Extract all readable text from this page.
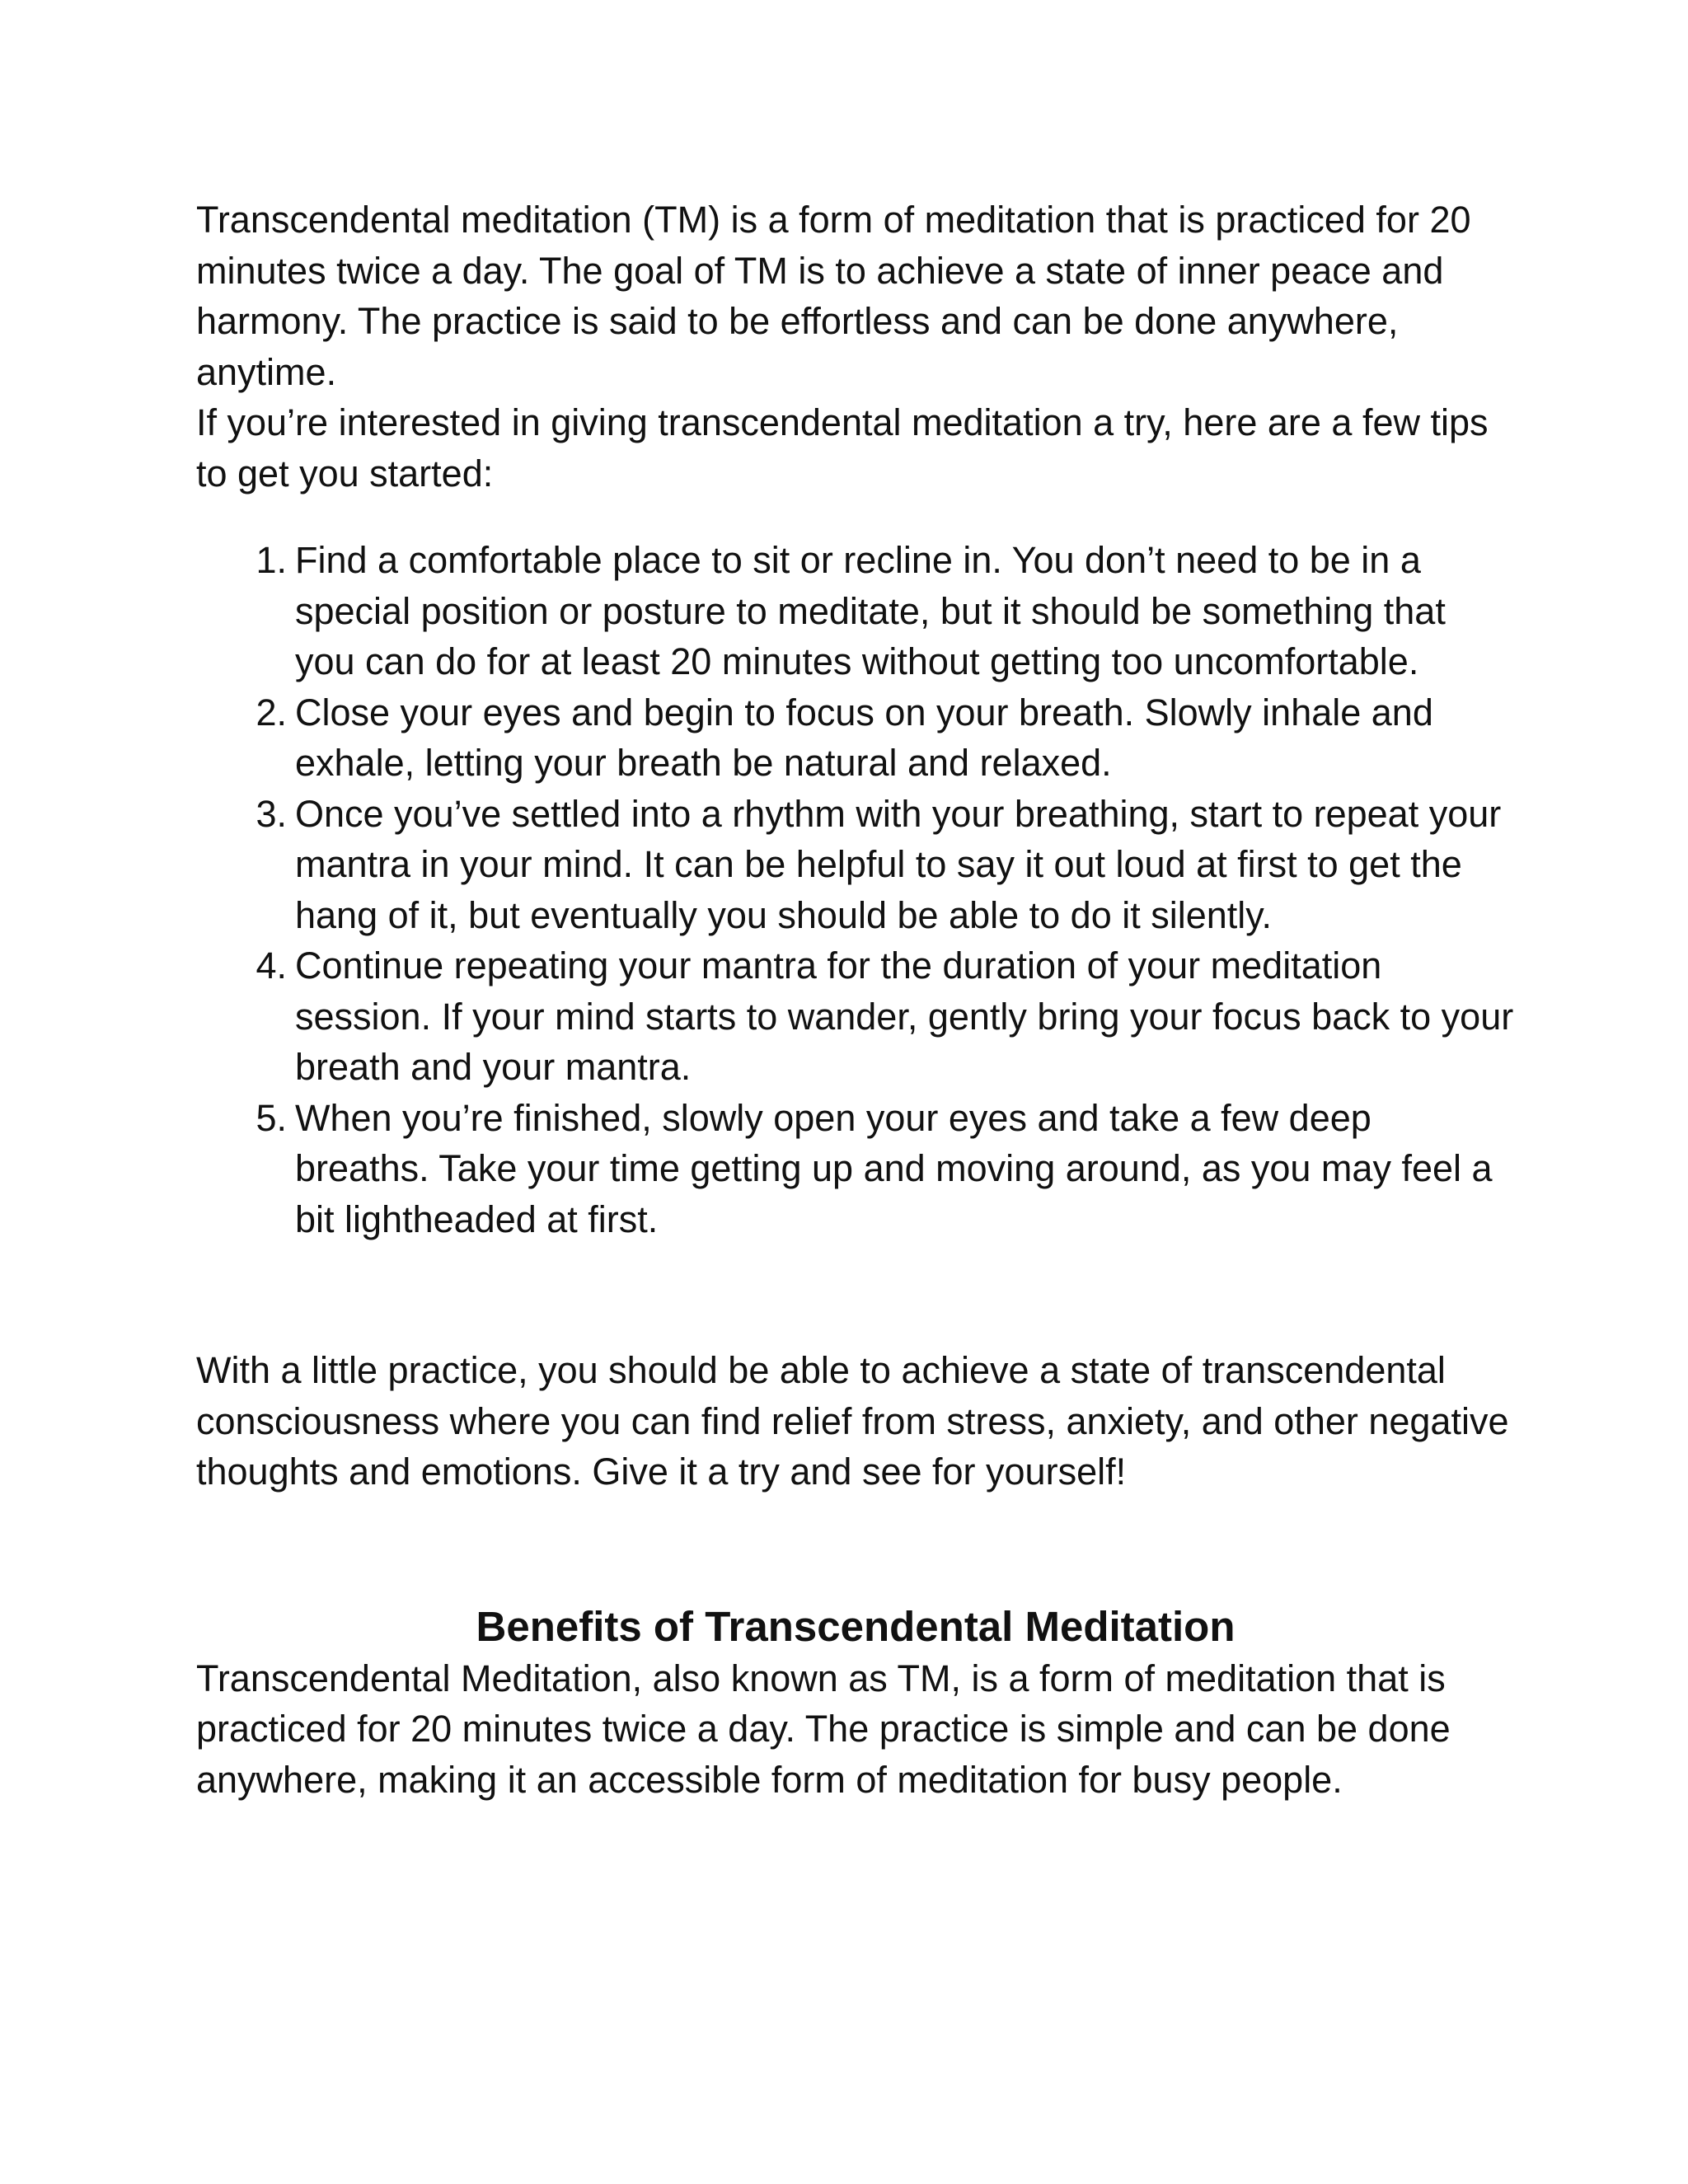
Transcendental meditation (TM) is a form of meditation that is practiced for 20 minutes twice a day. The goal of TM is to achieve a state of inner peace and harmony. The practice is said to be effortless and can be done anywhere, anytime.

If you’re interested in giving transcendental meditation a try, here are a few tips to get you started:

1. Find a comfortable place to sit or recline in. You don’t need to be in a special position or posture to meditate, but it should be something that you can do for at least 20 minutes without getting too uncomfortable.
2. Close your eyes and begin to focus on your breath. Slowly inhale and exhale, letting your breath be natural and relaxed.
3. Once you’ve settled into a rhythm with your breathing, start to repeat your mantra in your mind. It can be helpful to say it out loud at first to get the hang of it, but eventually you should be able to do it silently.
4. Continue repeating your mantra for the duration of your meditation session. If your mind starts to wander, gently bring your focus back to your breath and your mantra.
5. When you’re finished, slowly open your eyes and take a few deep breaths. Take your time getting up and moving around, as you may feel a bit lightheaded at first.

With a little practice, you should be able to achieve a state of transcendental consciousness where you can find relief from stress, anxiety, and other negative thoughts and emotions. Give it a try and see for yourself!

Benefits of Transcendental Meditation

Transcendental Meditation, also known as TM, is a form of meditation that is practiced for 20 minutes twice a day. The practice is simple and can be done anywhere, making it an accessible form of meditation for busy people.
